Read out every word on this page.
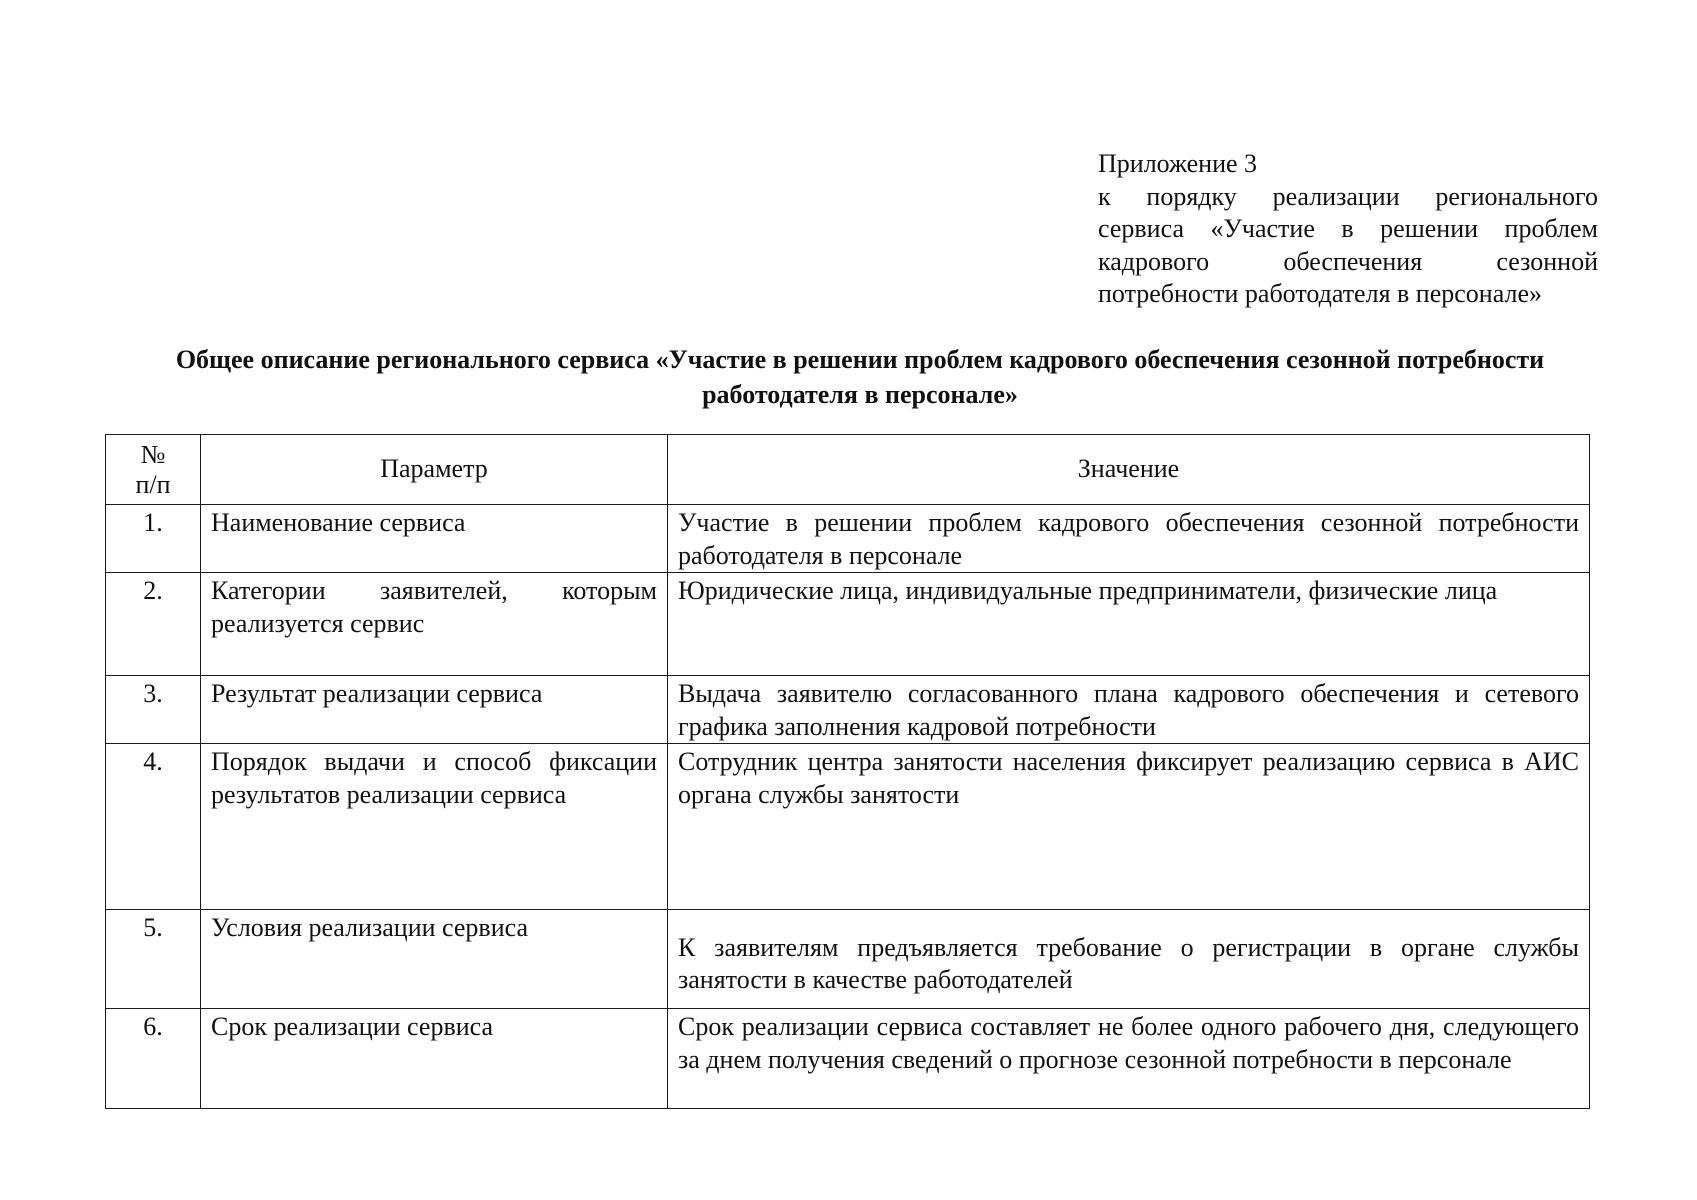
Приложение 3
к порядку реализации регионального сервиса «Участие в решении проблем кадрового обеспечения сезонной потребности работодателя в персонале»
Общее описание регионального сервиса «Участие в решении проблем кадрового обеспечения сезонной потребности работодателя в персонале»
№
п/п	Параметр	Значение
1.	Наименование сервиса	Участие в решении проблем кадрового обеспечения сезонной потребности работодателя в персонале
2.	Категории заявителей, которым реализуется сервис	Юридические лица, индивидуальные предприниматели, физические лица
3.	Результат реализации сервиса	Выдача заявителю согласованного плана кадрового обеспечения и сетевого графика заполнения кадровой потребности
4.	Порядок выдачи и способ фиксации результатов реализации сервиса	Сотрудник центра занятости населения фиксирует реализацию сервиса в АИС органа службы занятости
5.	Условия реализации сервиса	К заявителям предъявляется требование о регистрации в органе службы занятости в качестве работодателей
6.	Срок реализации сервиса	Срок реализации сервиса составляет не более одного рабочего дня, следующего за днем получения сведений о прогнозе сезонной потребности в персонале
